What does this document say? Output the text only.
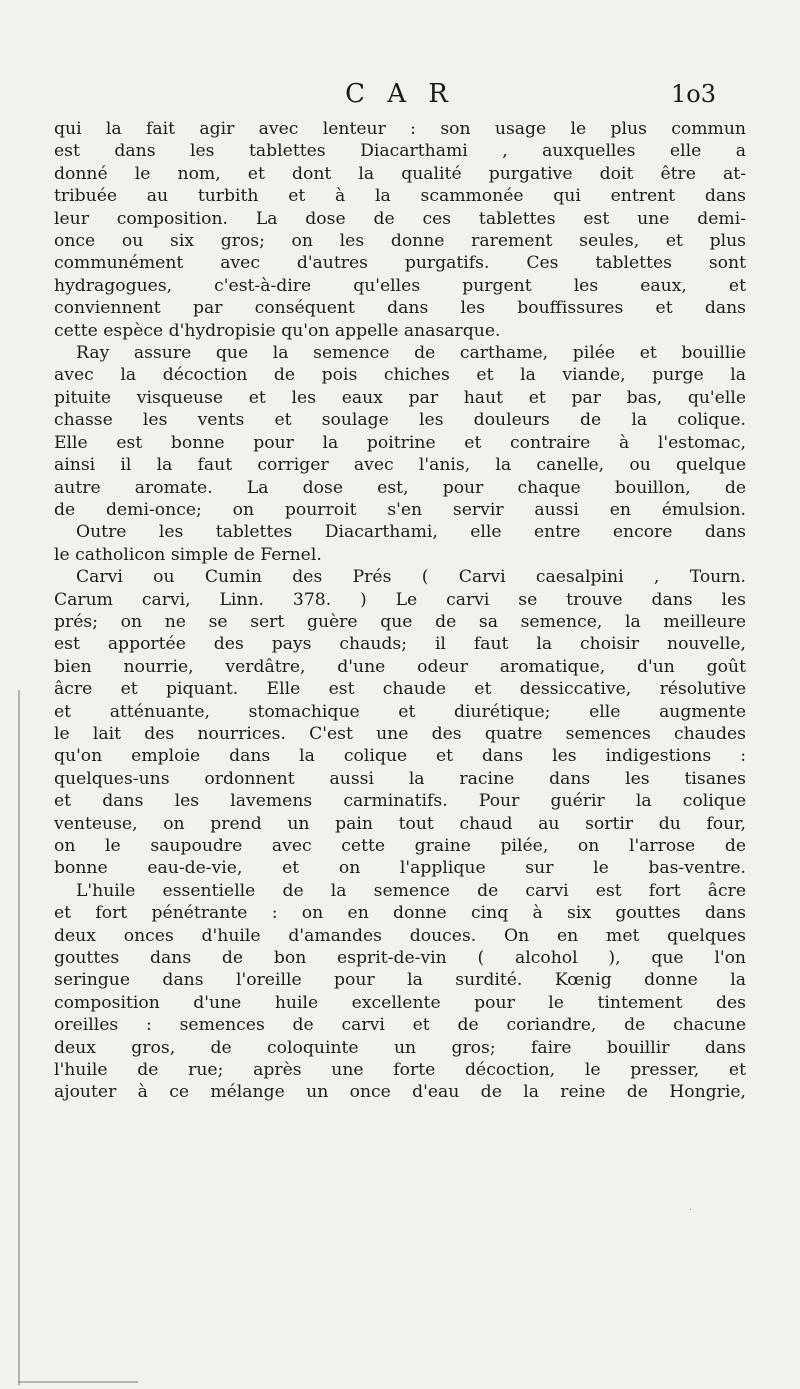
C A R	1o3
qui la fait agir avec lenteur : son usage le plus commun
est dans les tablettes Diacarthami , auxquelles elle a
donné le nom, et dont la qualité purgative doit être at-
tribuée au turbith et à la scammonée qui entrent dans
leur composition. La dose de ces tablettes est une demi-
once ou six gros; on les donne rarement seules, et plus
communément avec d'autres purgatifs. Ces tablettes sont
hydragogues, c'est-à-dire qu'elles purgent les eaux, et
conviennent par conséquent dans les bouffissures et dans
cette espèce d'hydropisie qu'on appelle anasarque.
Ray assure que la semence de carthame, pilée et bouillie
avec la décoction de pois chiches et la viande, purge la
pituite visqueuse et les eaux par haut et par bas, qu'elle
chasse les vents et soulage les douleurs de la colique.
Elle est bonne pour la poitrine et contraire à l'estomac,
ainsi il la faut corriger avec l'anis, la canelle, ou quelque
autre aromate. La dose est, pour chaque bouillon, de
de demi-once; on pourroit s'en servir aussi en émulsion.
Outre les tablettes Diacarthami, elle entre encore dans
le catholicon simple de Fernel.
Carvi ou Cumin des Prés ( Carvi caesalpini , Tourn.
Carum carvi, Linn. 378. ) Le carvi se trouve dans les
prés; on ne se sert guère que de sa semence, la meilleure
est apportée des pays chauds; il faut la choisir nouvelle,
bien nourrie, verdâtre, d'une odeur aromatique, d'un goût
âcre et piquant. Elle est chaude et dessiccative, résolutive
et atténuante, stomachique et diurétique; elle augmente
le lait des nourrices. C'est une des quatre semences chaudes
qu'on emploie dans la colique et dans les indigestions :
quelques-uns ordonnent aussi la racine dans les tisanes
et dans les lavemens carminatifs. Pour guérir la colique
venteuse, on prend un pain tout chaud au sortir du four,
on le saupoudre avec cette graine pilée, on l'arrose de
bonne eau-de-vie, et on l'applique sur le bas-ventre.
L'huile essentielle de la semence de carvi est fort âcre
et fort pénétrante : on en donne cinq à six gouttes dans
deux onces d'huile d'amandes douces. On en met quelques
gouttes dans de bon esprit-de-vin ( alcohol ), que l'on
seringue dans l'oreille pour la surdité. Kœnig donne la
composition d'une huile excellente pour le tintement des
oreilles : semences de carvi et de coriandre, de chacune
deux gros, de coloquinte un gros; faire bouillir dans
l'huile de rue; après une forte décoction, le presser, et
ajouter à ce mélange un once d'eau de la reine de Hongrie,
.
